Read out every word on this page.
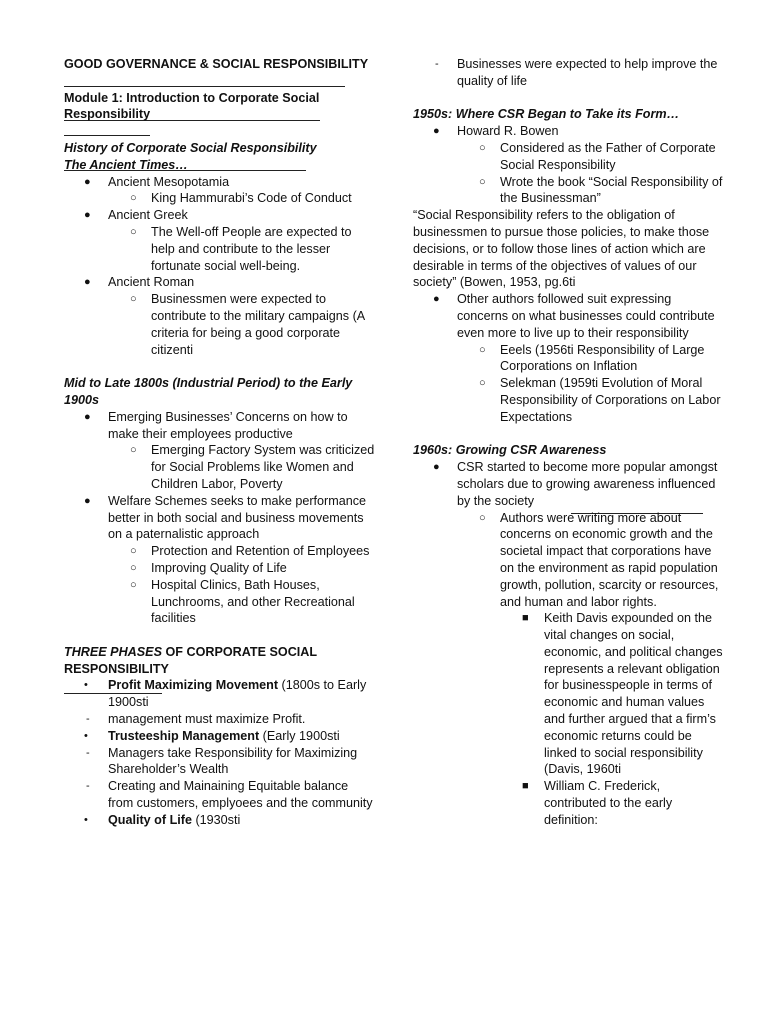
GOOD GOVERNANCE & SOCIAL RESPONSIBILITY

Module 1: Introduction to Corporate Social Responsibility

History of Corporate Social Responsibility

The Ancient Times…

● Ancient Mesopotamia
○ King Hammurabi’s Code of Conduct
● Ancient Greek
○ The Well-off People are expected to help and contribute to the lesser fortunate social well-being.
● Ancient Roman
○ Businessmen were expected to contribute to the military campaigns (A criteria for being a good corporate citizenti

Mid to Late 1800s (Industrial Period) to the Early 1900s

● Emerging Businesses’ Concerns on how to make their employees productive
○ Emerging Factory System was criticized for Social Problems like Women and Children Labor, Poverty
● Welfare Schemes seeks to make performance better in both social and business movements on a paternalistic approach
○ Protection and Retention of Employees
○ Improving Quality of Life
○ Hospital Clinics, Bath Houses, Lunchrooms, and other Recreational facilities

THREE PHASES OF CORPORATE SOCIAL RESPONSIBILITY

• Profit Maximizing Movement (1800s to Early 1900sti
- management must maximize Profit.
• Trusteeship Management (Early 1900sti
- Managers take Responsibility for Maximizing Shareholder’s Wealth
- Creating and Mainaining Equitable balance from customers, emplyoees and the community
• Quality of Life (1930sti
- Businesses were expected to help improve the quality of life

1950s: Where CSR Began to Take its Form…

● Howard R. Bowen
○ Considered as the Father of Corporate Social Responsibility
○ Wrote the book “Social Responsibility of the Businessman”

“Social Responsibility refers to the obligation of businessmen to pursue those policies, to make those decisions, or to follow those lines of action which are desirable in terms of the objectives of values of our society” (Bowen, 1953, pg.6ti

● Other authors followed suit expressing concerns on what businesses could contribute even more to live up to their responsibility
○ Eeels (1956ti Responsibility of Large Corporations on Inflation
○ Selekman (1959ti Evolution of Moral Responsibility of Corporations on Labor Expectations

1960s: Growing CSR Awareness

● CSR started to become more popular amongst scholars due to growing awareness influenced by the society
○ Authors were writing more about concerns on economic growth and the societal impact that corporations have on the environment as rapid population growth, pollution, scarcity or resources, and human and labor rights.
■ Keith Davis expounded on the vital changes on social, economic, and political changes represents a relevant obligation for businesspeople in terms of economic and human values and further argued that a firm’s economic returns could be linked to social responsibility (Davis, 1960ti
■ William C. Frederick, contributed to the early definition:
